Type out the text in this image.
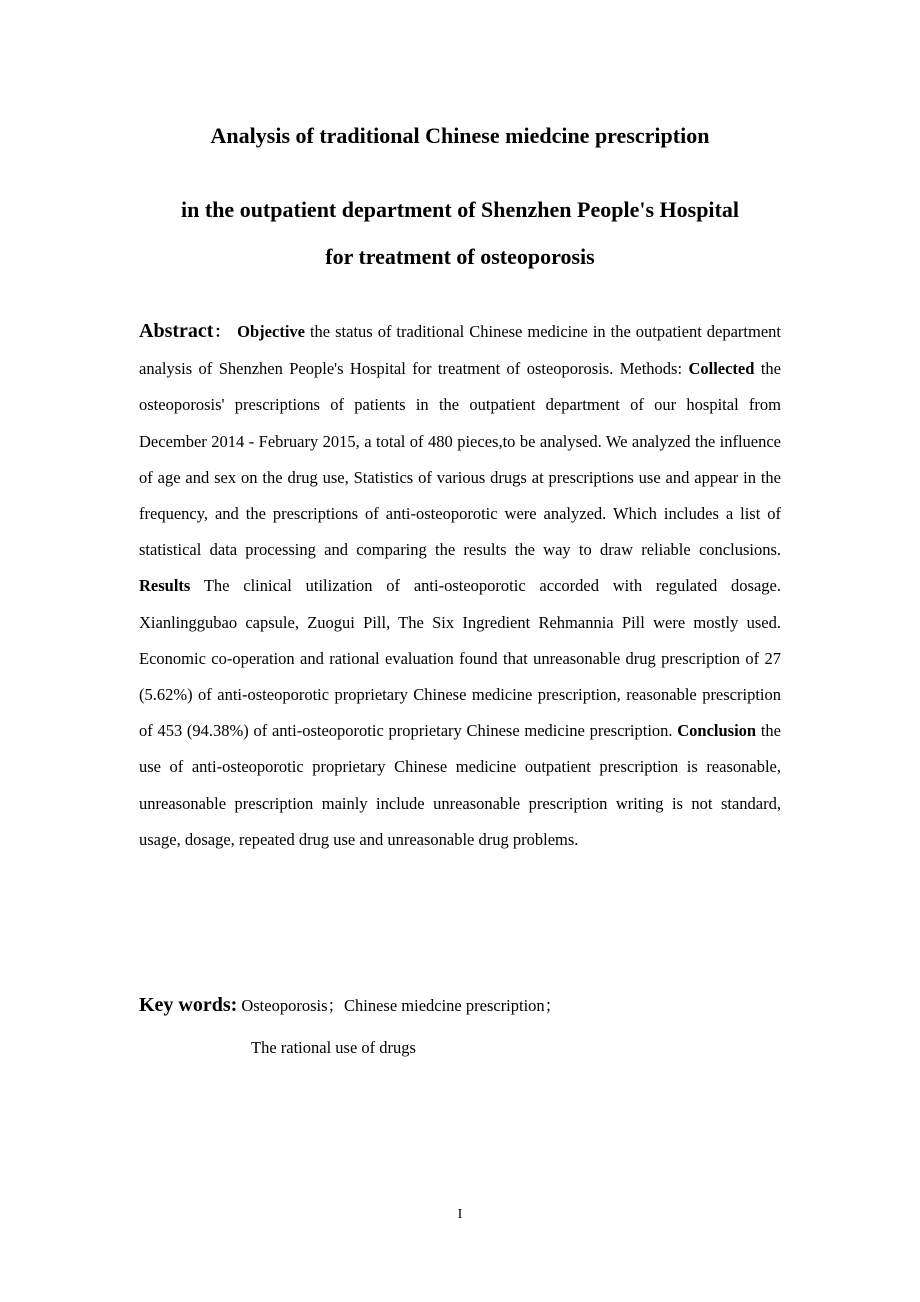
Analysis of traditional Chinese miedcine prescription
in the outpatient department of Shenzhen People's Hospital
for treatment of osteoporosis

Abstract： Objective the status of traditional Chinese medicine in the outpatient department analysis of Shenzhen People's Hospital for treatment of osteoporosis. Methods: Collected the osteoporosis' prescriptions of patients in the outpatient department of our hospital from December 2014 - February 2015, a total of 480 pieces,to be analysed. We analyzed the influence of age and sex on the drug use, Statistics of various drugs at prescriptions use and appear in the frequency, and the prescriptions of anti-osteoporotic were analyzed. Which includes a list of statistical data processing and comparing the results the way to draw reliable conclusions. Results The clinical utilization of anti-osteoporotic accorded with regulated dosage. Xianlinggubao capsule, Zuogui Pill, The Six Ingredient Rehmannia Pill were mostly used. Economic co-operation and rational evaluation found that unreasonable drug prescription of 27 (5.62%) of anti-osteoporotic proprietary Chinese medicine prescription, reasonable prescription of 453 (94.38%) of anti-osteoporotic proprietary Chinese medicine prescription. Conclusion the use of anti-osteoporotic proprietary Chinese medicine outpatient prescription is reasonable, unreasonable prescription mainly include unreasonable prescription writing is not standard, usage, dosage, repeated drug use and unreasonable drug problems.

Key words: Osteoporosis；Chinese miedcine prescription；

The rational use of drugs

I
